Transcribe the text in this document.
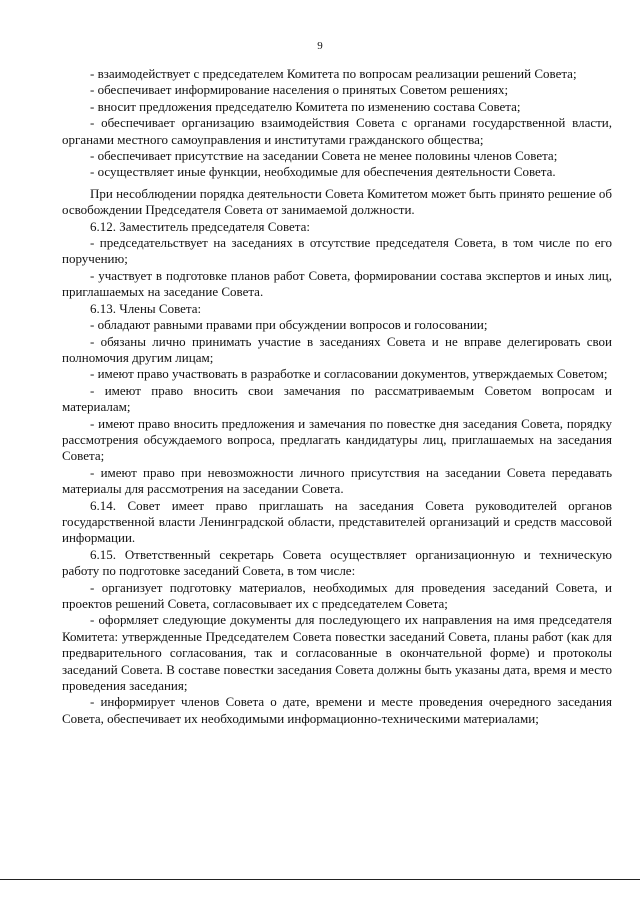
9

- взаимодействует с председателем Комитета по вопросам реализации решений Совета;

- обеспечивает информирование населения о принятых Советом решениях;

- вносит предложения председателю Комитета по изменению состава Совета;

- обеспечивает организацию взаимодействия Совета с органами государственной власти, органами местного самоуправления и институтами гражданского общества;

- обеспечивает присутствие на заседании Совета не менее половины членов Совета;

- осуществляет иные функции, необходимые для обеспечения деятельности Совета.

При несоблюдении порядка деятельности Совета Комитетом может быть принято решение об освобождении Председателя Совета от занимаемой должности.

6.12. Заместитель председателя Совета:

- председательствует на заседаниях в отсутствие председателя Совета, в том числе по его поручению;

- участвует в подготовке планов работ Совета, формировании состава экспертов и иных лиц, приглашаемых на заседание Совета.

6.13. Члены Совета:

- обладают равными правами при обсуждении вопросов и голосовании;

- обязаны лично принимать участие в заседаниях Совета и не вправе делегировать свои полномочия другим лицам;

- имеют право участвовать в разработке и согласовании документов, утверждаемых Советом;

- имеют право вносить свои замечания по рассматриваемым Советом вопросам и материалам;

- имеют право вносить предложения и замечания по повестке дня заседания Совета, порядку рассмотрения обсуждаемого вопроса, предлагать кандидатуры лиц, приглашаемых на заседания Совета;

- имеют право при невозможности личного присутствия на заседании Совета передавать материалы для рассмотрения на заседании Совета.

6.14. Совет имеет право приглашать на заседания Совета руководителей органов государственной власти Ленинградской области, представителей организаций и средств массовой информации.

6.15. Ответственный секретарь Совета осуществляет организационную и техническую работу по подготовке заседаний Совета, в том числе:

- организует подготовку материалов, необходимых для проведения заседаний Совета, и проектов решений Совета, согласовывает их с председателем Совета;

- оформляет следующие документы для последующего их направления на имя председателя Комитета: утвержденные Председателем Совета повестки заседаний Совета, планы работ (как для предварительного согласования, так и согласованные в окончательной форме) и протоколы заседаний Совета. В составе повестки заседания Совета должны быть указаны дата, время и место проведения заседания;

- информирует членов Совета о дате, времени и месте проведения очередного заседания Совета, обеспечивает их необходимыми информационно-техническими материалами;
